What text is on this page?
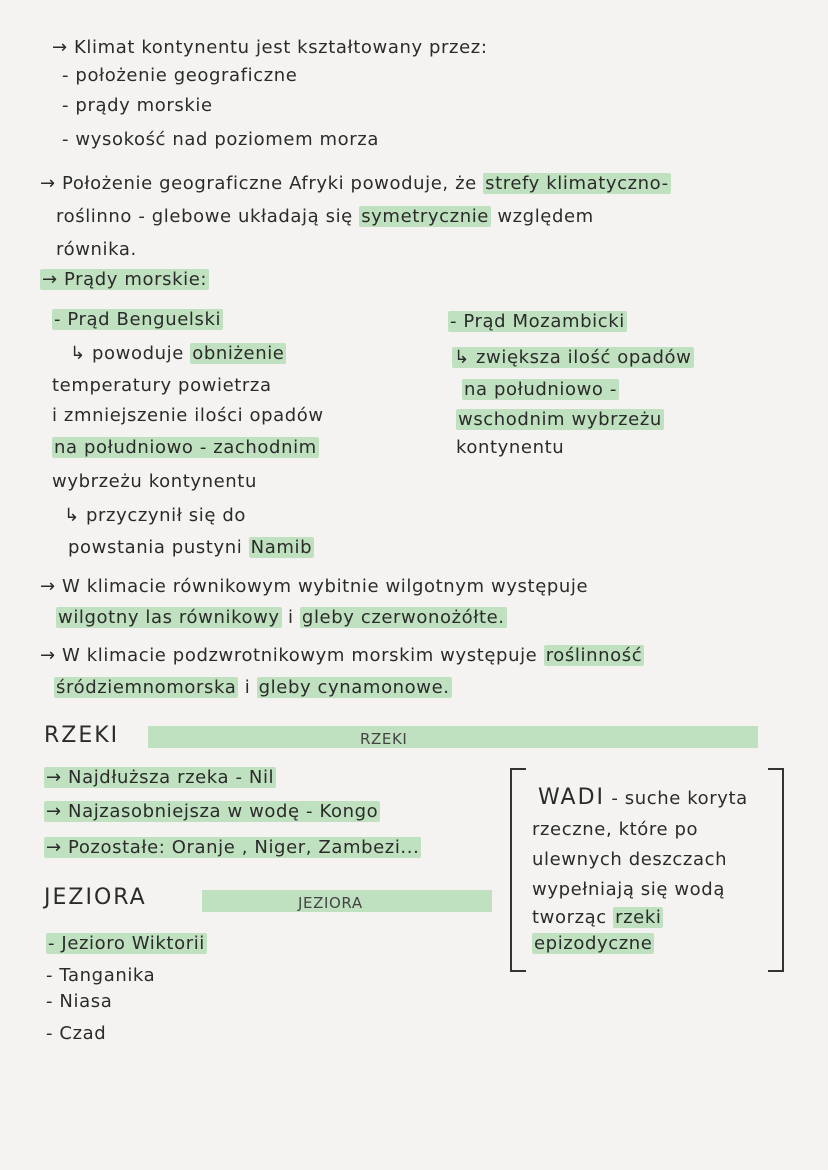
→ Klimat kontynentu jest kształtowany przez:
- położenie geograficzne
- prądy morskie
- wysokość nad poziomem morza
→ Położenie geograficzne Afryki powoduje, że strefy klimatyczno-
roślinno - glebowe układają się symetrycznie względem
równika.
→ Prądy morskie:
- Prąd Benguelski
↳ powoduje obniżenie
temperatury powietrza
i zmniejszenie ilości opadów
na południowo - zachodnim
wybrzeżu kontynentu
↳ przyczynił się do
powstania pustyni Namib
- Prąd Mozambicki
↳ zwiększa ilość opadów
na południowo -
wschodnim wybrzeżu
kontynentu
→ W klimacie równikowym wybitnie wilgotnym występuje
wilgotny las równikowy i gleby czerwonożółte.
→ W klimacie podzwrotnikowym morskim występuje roślinność
śródziemnomorska i gleby cynamonowe.
RZEKI	RZEKI
→ Najdłuższa rzeka - Nil
→ Najzasobniejsza w wodę - Kongo
→ Pozostałe: Oranje , Niger, Zambezi...
JEZIORA	JEZIORA
- Jezioro Wiktorii
- Tanganika
- Niasa
- Czad
WADI - suche koryta
rzeczne, które po
ulewnych deszczach
wypełniają się wodą
tworząc rzeki
epizodyczne
